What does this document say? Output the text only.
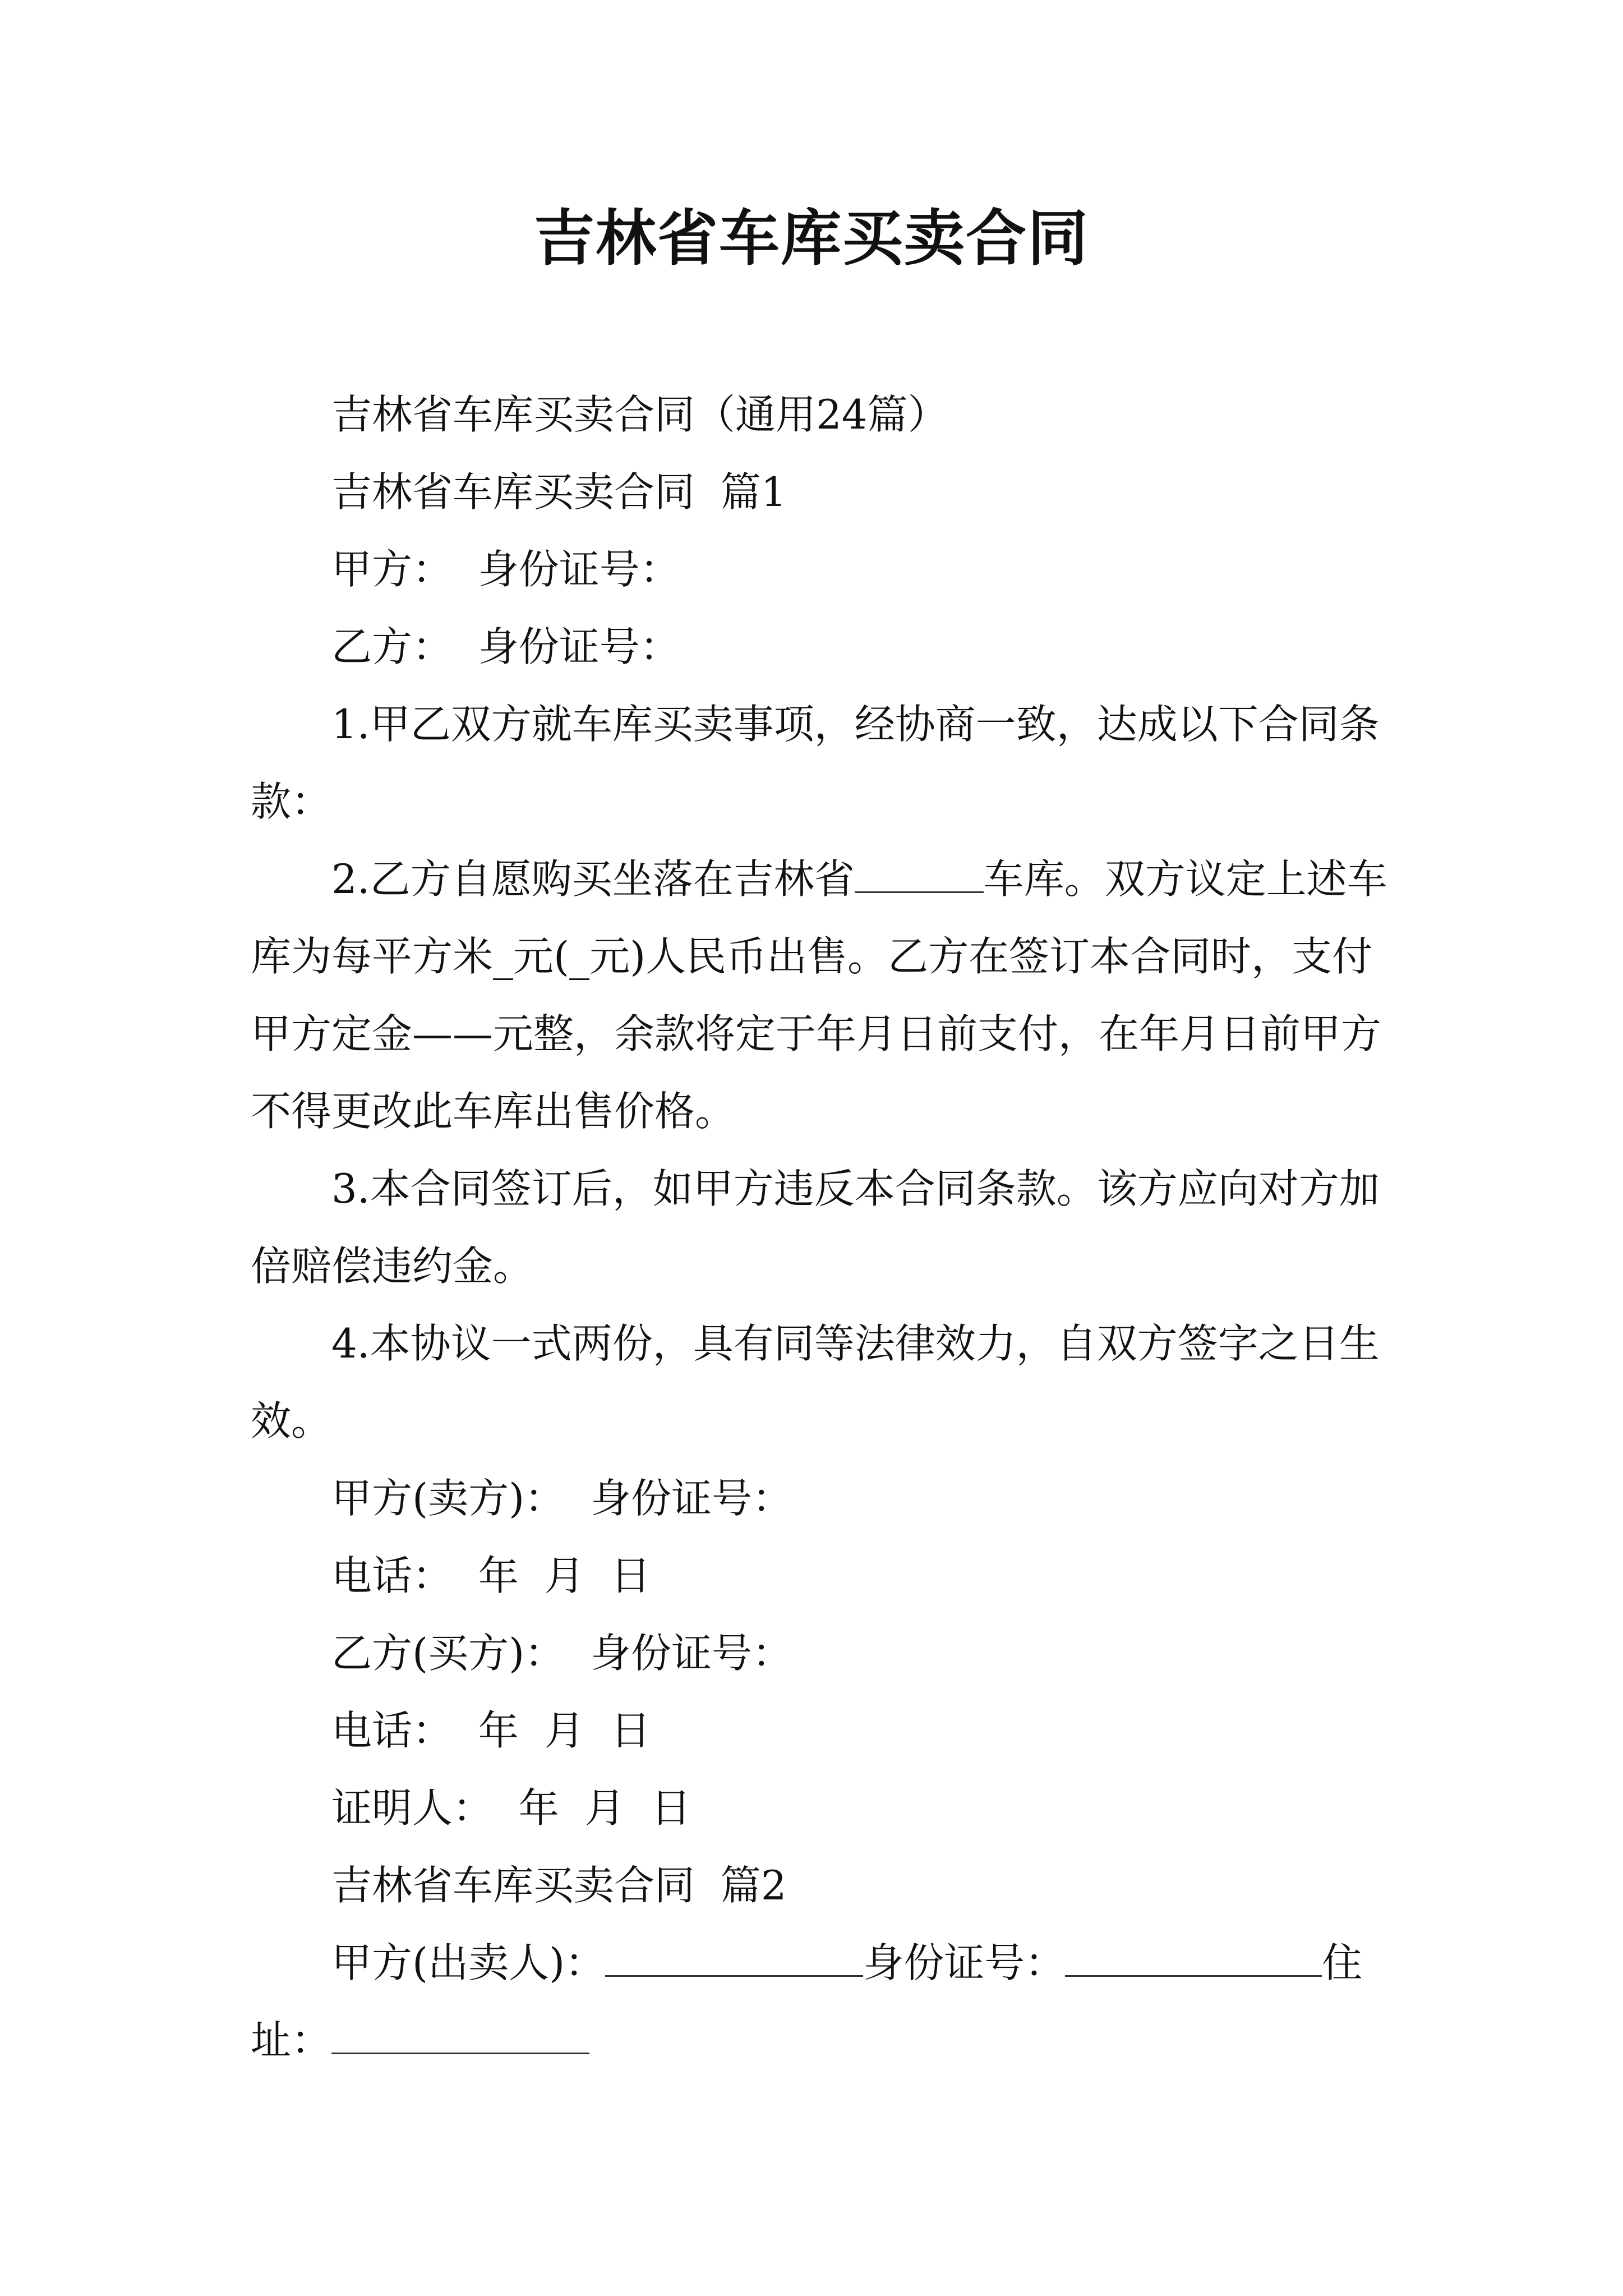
吉林省车库买卖合同

吉林省车库买卖合同（通用24篇）

吉林省车库买卖合同  篇1

甲方：  身份证号：

乙方：  身份证号：

1.甲乙双方就车库买卖事项，经协商一致，达成以下合同条款：

2.乙方自愿购买坐落在吉林省	车库。双方议定上述车库为每平方米_元(_元)人民币出售。乙方在签订本合同时，支付甲方定金——元整，余款将定于年月日前支付，在年月日前甲方不得更改此车库出售价格。

3.本合同签订后，如甲方违反本合同条款。该方应向对方加倍赔偿违约金。

4.本协议一式两份，具有同等法律效力，自双方签字之日生效。

甲方(卖方)：  身份证号：

电话：  年  月  日

乙方(买方)：  身份证号：

电话：  年  月  日

证明人：  年  月  日

吉林省车库买卖合同  篇2

甲方(出卖人)：	身份证号：	住址：
